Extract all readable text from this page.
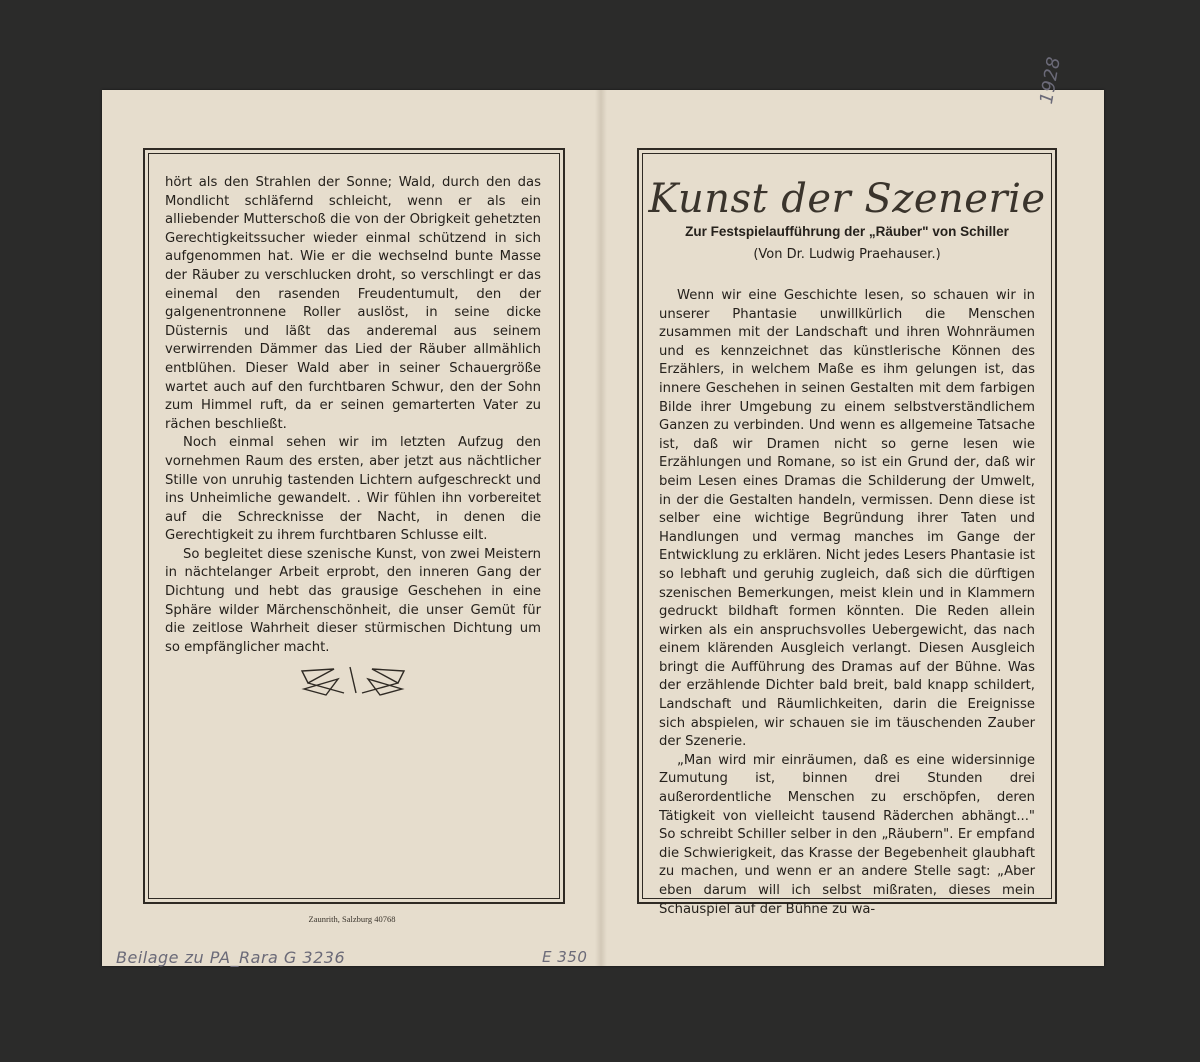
hört als den Strahlen der Sonne; Wald, durch den das Mondlicht schläfernd schleicht, wenn er als ein alliebender Mutterschoß die von der Obrigkeit gehetzten Gerechtigkeitssucher wieder einmal schützend in sich aufgenommen hat. Wie er die wechselnd bunte Masse der Räuber zu verschlucken droht, so verschlingt er das einemal den rasenden Freudentumult, den der galgenentronnene Roller auslöst, in seine dicke Düsternis und läßt das anderemal aus seinem verwirrenden Dämmer das Lied der Räuber allmählich entblühen. Dieser Wald aber in seiner Schauergröße wartet auch auf den furchtbaren Schwur, den der Sohn zum Himmel ruft, da er seinen gemarterten Vater zu rächen beschließt.

Noch einmal sehen wir im letzten Aufzug den vornehmen Raum des ersten, aber jetzt aus nächtlicher Stille von unruhig tastenden Lichtern aufgeschreckt und ins Unheimliche gewandelt. . Wir fühlen ihn vorbereitet auf die Schrecknisse der Nacht, in denen die Gerechtigkeit zu ihrem furchtbaren Schlusse eilt.

So begleitet diese szenische Kunst, von zwei Meistern in nächtelanger Arbeit erprobt, den inneren Gang der Dichtung und hebt das grausige Geschehen in eine Sphäre wilder Märchenschönheit, die unser Gemüt für die zeitlose Wahrheit dieser stürmischen Dichtung um so empfänglicher macht.

Zaunrith, Salzburg 40768
Kunst der Szenerie
Zur Festspielaufführung der „Räuber" von Schiller
(Von Dr. Ludwig Praehauser.)

Wenn wir eine Geschichte lesen, so schauen wir in unserer Phantasie unwillkürlich die Menschen zusammen mit der Landschaft und ihren Wohnräumen und es kennzeichnet das künstlerische Können des Erzählers, in welchem Maße es ihm gelungen ist, das innere Geschehen in seinen Gestalten mit dem farbigen Bilde ihrer Umgebung zu einem selbstverständlichem Ganzen zu verbinden. Und wenn es allgemeine Tatsache ist, daß wir Dramen nicht so gerne lesen wie Erzählungen und Romane, so ist ein Grund der, daß wir beim Lesen eines Dramas die Schilderung der Umwelt, in der die Gestalten handeln, vermissen. Denn diese ist selber eine wichtige Begründung ihrer Taten und Handlungen und vermag manches im Gange der Entwicklung zu erklären. Nicht jedes Lesers Phantasie ist so lebhaft und geruhig zugleich, daß sich die dürftigen szenischen Bemerkungen, meist klein und in Klammern gedruckt bildhaft formen könnten. Die Reden allein wirken als ein anspruchsvolles Uebergewicht, das nach einem klärenden Ausgleich verlangt. Diesen Ausgleich bringt die Aufführung des Dramas auf der Bühne. Was der erzählende Dichter bald breit, bald knapp schildert, Landschaft und Räumlichkeiten, darin die Ereignisse sich abspielen, wir schauen sie im täuschenden Zauber der Szenerie.

„Man wird mir einräumen, daß es eine widersinnige Zumutung ist, binnen drei Stunden drei außerordentliche Menschen zu erschöpfen, deren Tätigkeit von vielleicht tausend Räderchen abhängt..." So schreibt Schiller selber in den „Räubern". Er empfand die Schwierigkeit, das Krasse der Begebenheit glaubhaft zu machen, und wenn er an andere Stelle sagt: „Aber eben darum will ich selbst mißraten, dieses mein Schauspiel auf der Bühne zu wa-

1928
Beilage zu PA_Rara G 3236	E 350
